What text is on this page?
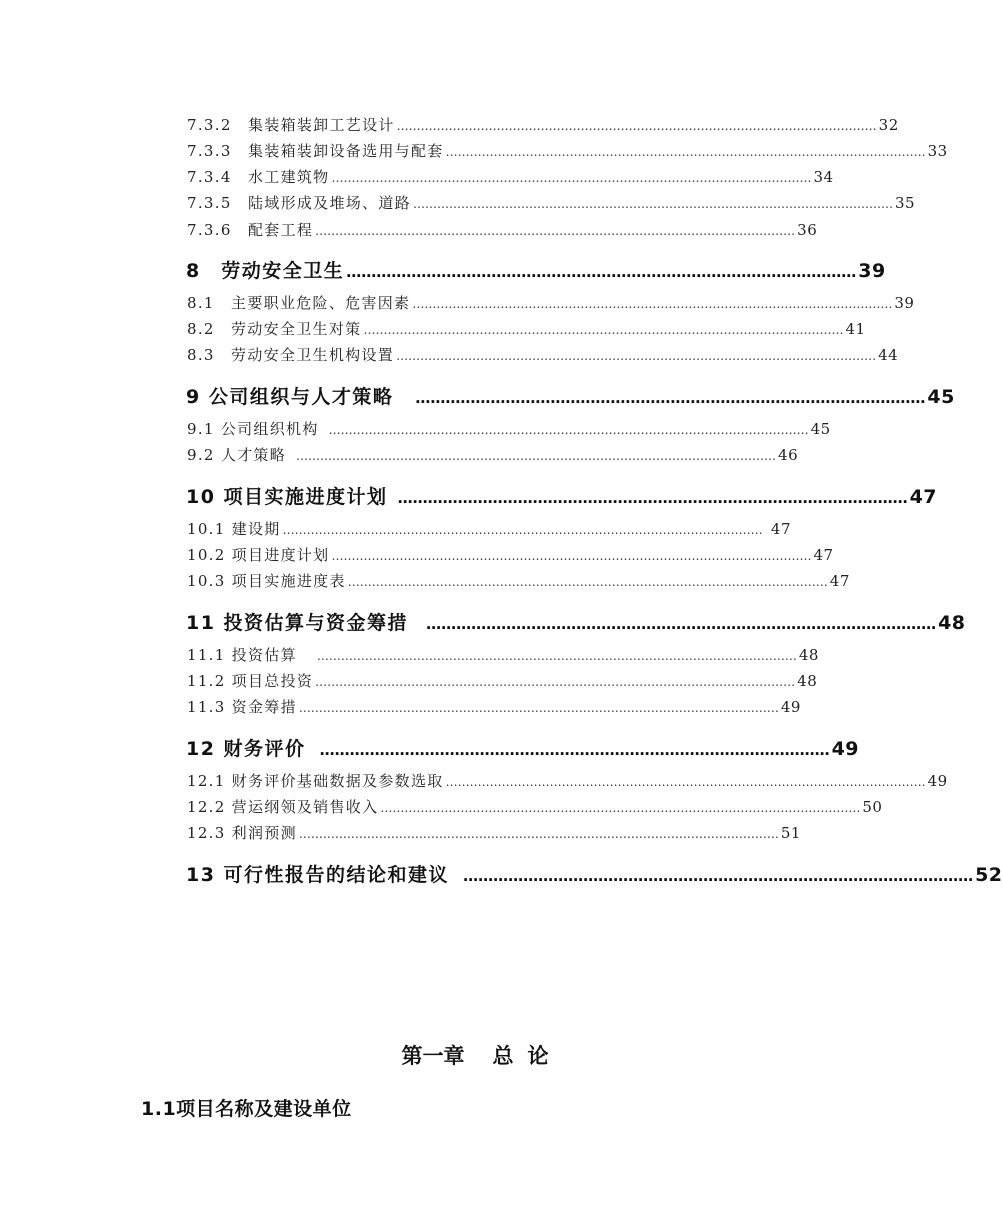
7.3.2　集装箱装卸工艺设计 ………………………………………………………………………………………………………… 32
7.3.3　集装箱装卸设备选用与配套 ………………………………………………………………………………………………………… 33
7.3.4　水工建筑物 ………………………………………………………………………………………………………… 34
7.3.5　陆域形成及堆场、道路 ………………………………………………………………………………………………………… 35
7.3.6　配套工程 ………………………………………………………………………………………………………… 36
8　劳动安全卫生 ………………………………………………………………………………………… 39
8.1　主要职业危险、危害因素 ………………………………………………………………………………………………………… 39
8.2　劳动安全卫生对策 ………………………………………………………………………………………………………… 41
8.3　劳动安全卫生机构设置 ………………………………………………………………………………………………………… 44
9 公司组织与人才策略 ………………………………………………………………………………………… 45
9.1 公司组织机构 ………………………………………………………………………………………………………… 45
9.2 人才策略 ………………………………………………………………………………………………………… 46
10 项目实施进度计划 ………………………………………………………………………………………… 47
10.1 建设期 ………………………………………………………………………………………………………… 47
10.2 项目进度计划 ………………………………………………………………………………………………………… 47
10.3 项目实施进度表 ………………………………………………………………………………………………………… 47
11 投资估算与资金筹措 ………………………………………………………………………………………… 48
11.1 投资估算 ………………………………………………………………………………………………………… 48
11.2 项目总投资 ………………………………………………………………………………………………………… 48
11.3 资金筹措 ………………………………………………………………………………………………………… 49
12 财务评价 ………………………………………………………………………………………… 49
12.1 财务评价基础数据及参数选取 ………………………………………………………………………………………………………… 49
12.2 营运纲领及销售收入 ………………………………………………………………………………………………………… 50
12.3 利润预测 ………………………………………………………………………………………………………… 51
13 可行性报告的结论和建议 ………………………………………………………………………………………… 52
第一章 总 论
1.1项目名称及建设单位
